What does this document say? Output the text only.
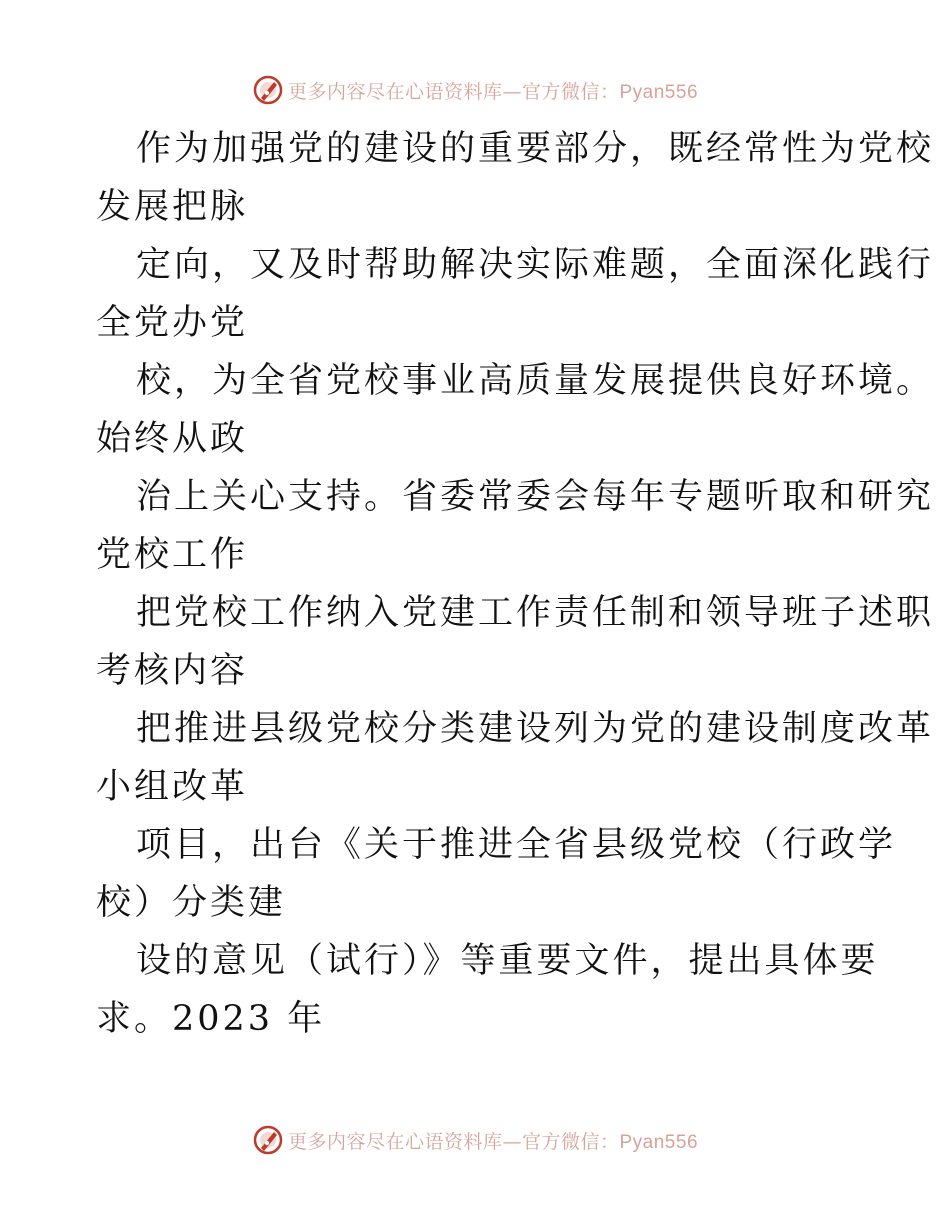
更多内容尽在心语资料库—官方微信：Pyan556
作为加强党的建设的重要部分，既经常性为党校
发展把脉
定向，又及时帮助解决实际难题，全面深化践行
全党办党
校，为全省党校事业高质量发展提供良好环境。
始终从政
治上关心支持。省委常委会每年专题听取和研究
党校工作
把党校工作纳入党建工作责任制和领导班子述职
考核内容
把推进县级党校分类建设列为党的建设制度改革
小组改革
项目，出台《关于推进全省县级党校（行政学
校）分类建
设的意见（试行）》等重要文件，提出具体要
求。2023 年
更多内容尽在心语资料库—官方微信：Pyan556
